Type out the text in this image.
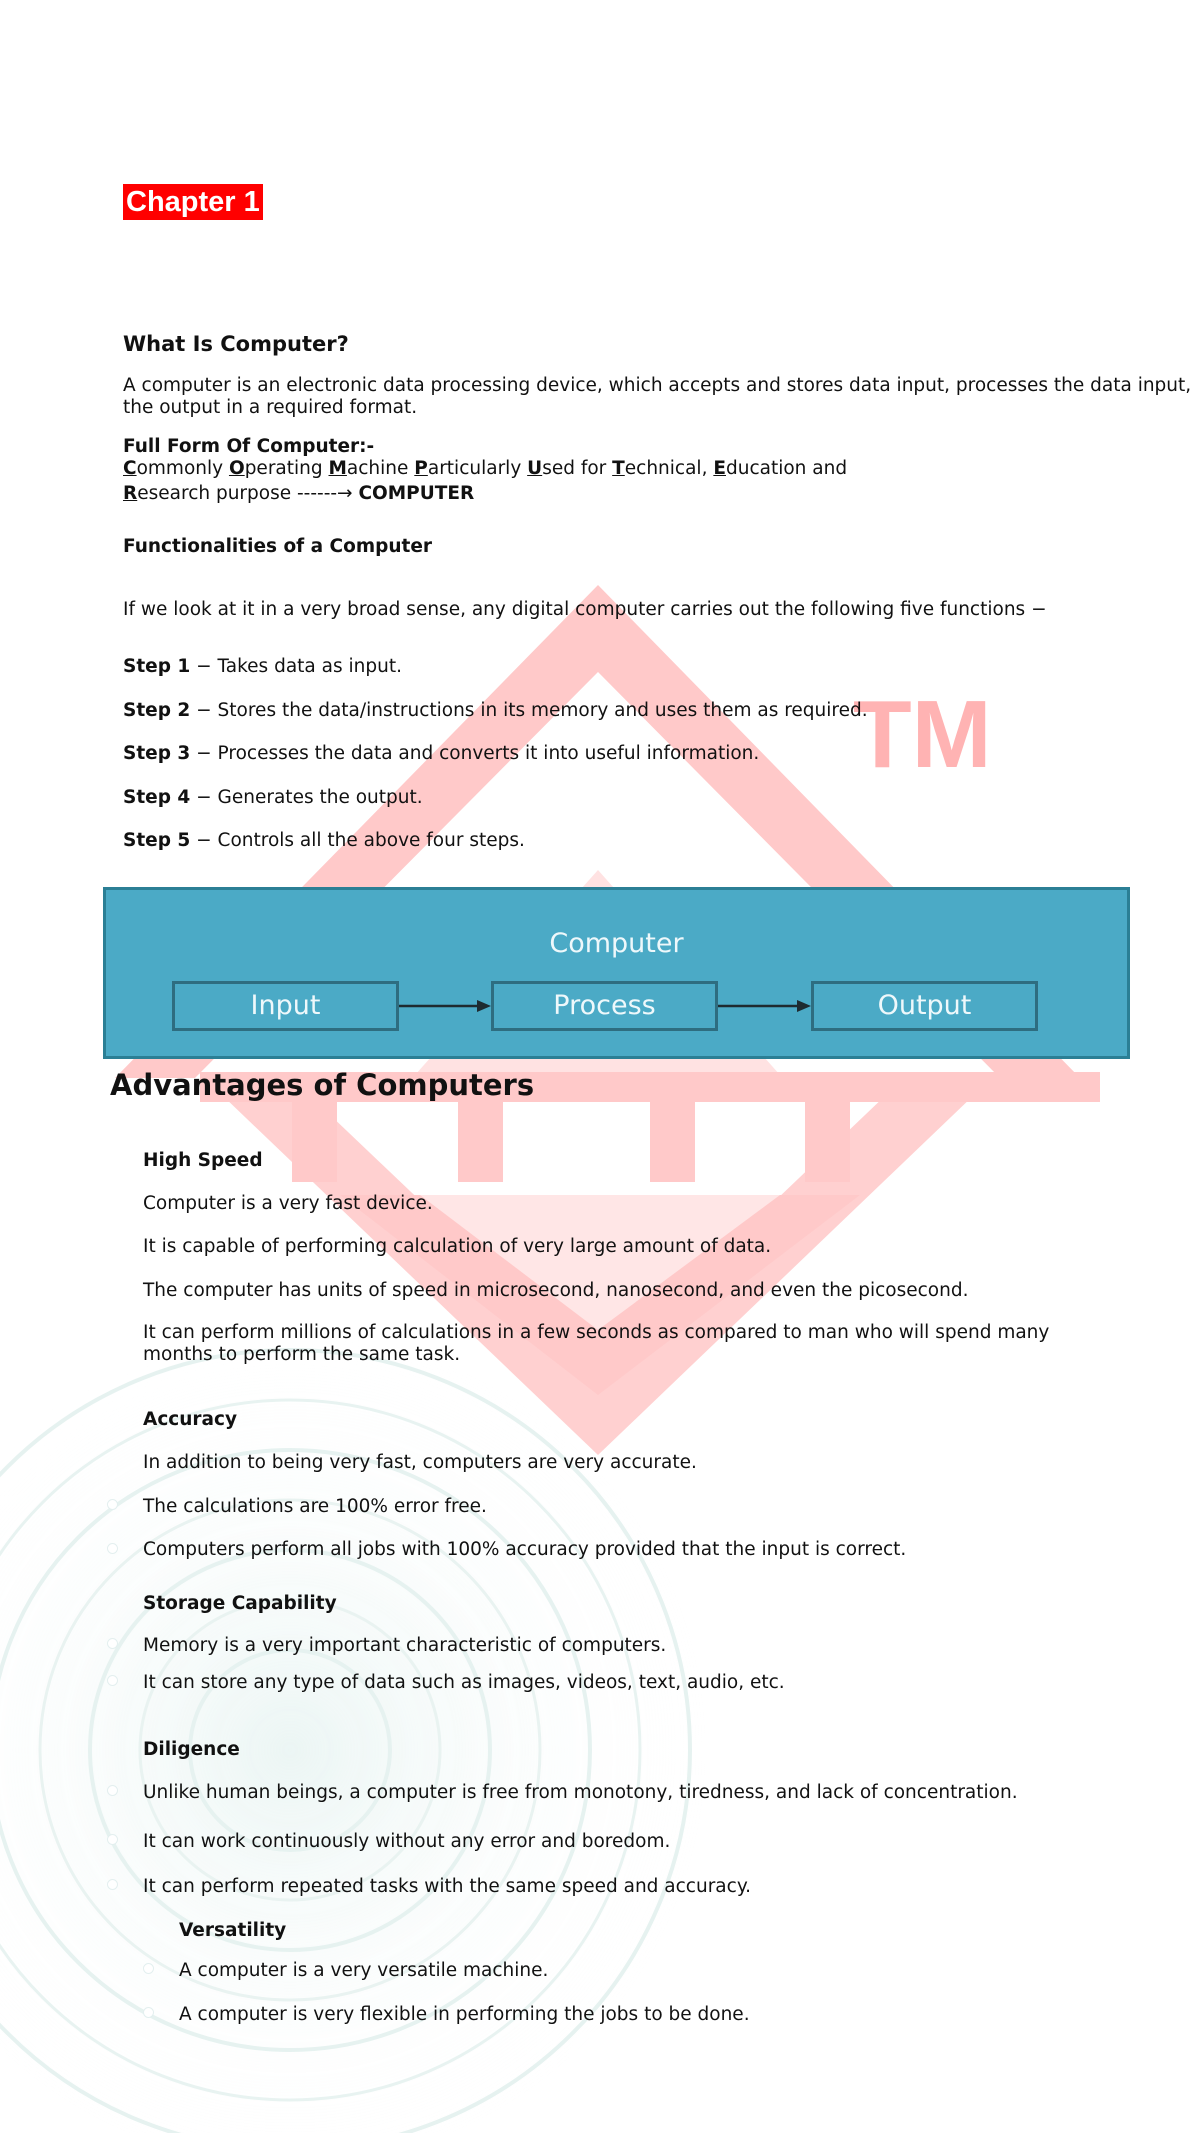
Chapter 1
TM
What Is Computer?

A computer is an electronic data processing device, which accepts and stores data input, processes the data input,

the output in a required format.

Full Form Of Computer:-
Commonly Operating Machine Particularly Used for Technical, Education and
Research purpose ------→ COMPUTER
Functionalities of a Computer

If we look at it in a very broad sense, any digital computer carries out the following five functions −

Step 1 − Takes data as input.

Step 2 − Stores the data/instructions in its memory and uses them as required.

Step 3 − Processes the data and converts it into useful information.

Step 4 − Generates the output.

Step 5 − Controls all the above four steps.

Computer
Input	Process	Output
Advantages of Computers
High Speed

Computer is a very fast device.

It is capable of performing calculation of very large amount of data.

The computer has units of speed in microsecond, nanosecond, and even the picosecond.

It can perform millions of calculations in a few seconds as compared to man who will spend many

months to perform the same task.

Accuracy

In addition to being very fast, computers are very accurate.

The calculations are 100% error free.

Computers perform all jobs with 100% accuracy provided that the input is correct.

Storage Capability

Memory is a very important characteristic of computers.

It can store any type of data such as images, videos, text, audio, etc.

Diligence

Unlike human beings, a computer is free from monotony, tiredness, and lack of concentration.

It can work continuously without any error and boredom.

It can perform repeated tasks with the same speed and accuracy.

Versatility

A computer is a very versatile machine.

A computer is very flexible in performing the jobs to be done.
